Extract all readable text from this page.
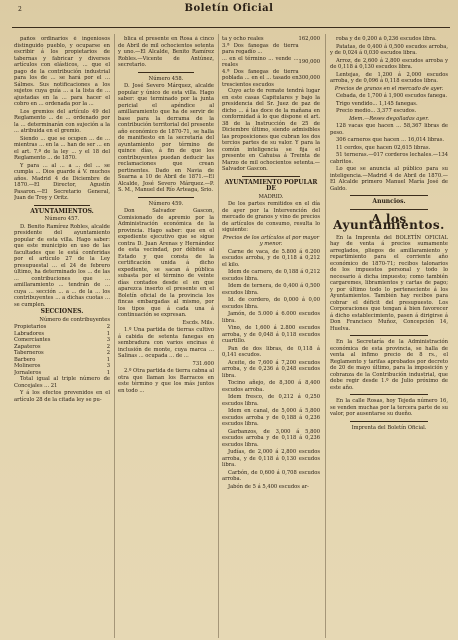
2	Boletín Oficial

paños ordinarios é ingeniosos distinguido pueblo, y ocuparse en escribir á los propietarios de tabernas y fabricar y diversos artículos con elásticos, ... que el pago de la contribución industrial para los de ... se hará por el ... Sálmes. Sus notificaciones a los sujetos cuya guía ... a la lista de ... ajustadas en la ... para hacer el cobro en ... ordenada por la ...

Los gremios del artículo 49 del Reglamento ... de ... ordenado por la ... determinarán con sujeción a la ... atribuida en el gremio.

Siendo ... que se ocupen ... de ... mientras ... en la ... han de ser ... en el art. 7.º de la ley ... y el 18 del Reglamento ... de 1870.

Y para ... al ... a ... del ... se cumpla ... Dios guarde á V. muchos años. Madrid 4 de Diciembre de 1870.—El Director, Agustín Pasaron.—El Secretario General, Juan de Troy y Oritz.

AYUNTAMIENTOS.

Número 457.

D. Benito Ramírez Robles, alcalde presidente del ayuntamiento popular de esta villa. Hago saber: que este municipio en uso de las facultades que le está conferidas por el artículo 27 de la Ley presupuestal ... el 24 de febrero último, ha determinado los ... de las ... contribuciones que ... amillaramiento ... tendrán de ... cuya ... sección ... a ... de la ... los contribuyentes ... a dichas cuotas ... se cumplen.

SECCIONES.

Número de contribuyentes

Propietarios	2
Labradores	1
Comerciantes	3
Zapateros	2
Taberneros	2
Barbero	1
Molineros	3
Jornaleros	1

Total igual al triple número de Concejales ... 21

Y á los efectos prevenidos en el artículo 28 de la citada ley se pu-

blica el presente en Rosa á cinco de Abril de mil ochocientos setenta y uno.—El Alcalde, Benito Ramírez Robles.—Vicente de Antúnez, secretario.

Número 458.

D. José Severo Márquez, alcalde popular y único de esta villa. Hago saber: que terminado por la junta pericial el apéndice al amillaramiento que ha de servir de base para la derrama de la contribución territorial del presente año económico de 1870-71, se halla de manifiesto en la secretaría del ayuntamiento por término de quince días, á fin de que los contribuyentes puedan deducir las reclamaciones que crean pertinentes. Dado en Navia de Suarna a 10 de Abril de 1871.—El Alcalde, José Severo Márquez.—P. S. M., Manuel del Río Arteaga, Srio.

Número 459.

Don Salvador Gascon, Comisionado de apremio por la Administración económica de la provincia. Hago saber: que en el expediente ejecutivo que se sigue contra D. Juan Arenas y Hernández de esta vecindad, por débitos al Estado y que consta de la certificación unida á dicho expediente, se sacan á pública subasta por el término de veinte días contados desde el en que aparezca inserto el presente en el Boletín oficial de la provincia los fincas embargadas al mismo, por los tipos que á cada una á continuación se expresan.

Escds. Mils.

1.º Una partida de tierras cultivo á cabida de setenta fanegas en sembradura con varios encinas é inclusión de monte, cuya marca ... Salinas ... ocupada ... de ...

731.600

2.º Otra partida de tierra cabna al otra que llaman los Barracos en este término y que los más juntos en todo ...

ta y ocho reales	162,000
3.ª Dos fanegas de tierra para regadío ...	
... en el término ... vende ... reales	190,000
4.ª Dos fanegas de tierra poblada ... en el ... tasado en trescientos escudos	300,000

Cuyo acto de remate tendrá lugar en este casas Capitulares y bajo la presidencia del Sr. Juez de paz de dicho ... á las doce de la mañana en conformidad á lo que dispone el art. 38 de la Instrucción de 25 de Diciembre último, siendo admisibles las proposiciones que cubran los dos tercios partes de su valor. Y para la común inteligencia se fija el presente en Cahuisa á Treinta de Marzo de mil ochocientos setenta.—Salvador Gascon.

AYUNTAMIENTO POPULAR DE

MADRID.

De los partes remitidos en el día de ayer por la Intervención del mercado de granos y vino de precios de artículos de consumo, resulta lo siguiente:

Precios de los artículos al por mayor y menor.

Carne de vaca, de 5.800 á 6.200 escudos arroba, y de 0,118 á 0,212 el kilo.

Idem de carnero, de 0,188 á 0,212 escudos libra.

Idem de ternera, de 0,400 á 0,500 escudos libra.

Id. de cordero, de 0,000 á 0,00 escudos libra.

Jamón, de 5.000 á 6.000 escudos libra.

Vino, de 1,600 á 2.800 escudos arroba, y de 0,048 á 0,118 escudos cuartillo.

Pan de dos libras, de 0,118 á 0,141 escudos.

Aceite, de 7,600 á 7,200 escudos arroba, y de 0,236 á 0,248 escudos libra.

Tocino añejo, de 8,300 á 8,400 escudos arroba.

Idem fresco, de 0,212 á 0,250 escudos libra.

Idem en canal, de 5,000 á 5,800 escudos arroba y de 0,188 á 0,236 escudos libra.

Garbanzos, de 3,000 á 5,800 escudos arroba y de 0,118 á 0,236 escudos libra.

Judías, de 2,000 á 2,800 escudos arroba, y de 0,118 á 0,130 escudos libra.

Carbón, de 0,600 á 0,708 escudos arroba.

Jabón de 5 á 5,400 escudos ar-

roba y de 0,200 á 0,236 escudos libra.

Patatas, de 0,400 á 0,500 escudos arroba, y de 0,024 á 0,030 escudos libra.

Arroz, de 2,600 á 2,800 escudos arroba y de 0,118 á 0,130 escudos libra.

Lentejas, de 1,200 á 2,000 escudos arroba, y de 0,096 á 0,118 escudos libra.

Precios de granos en el mercado de ayer.

Cebada, de 1,700 á 1,900 escudos fanega.

Trigo vendido... 1,145 fanegas.

Precio medio... 3,377 escudos.

Idem.—Reses degolladas ayer.

128 vacas que hacen ... 58,367 libras de peso.

306 carneros que hacen ... 16,014 libras.

11 cerdos, que hacen 02,615 libras.

51 terneras.—017 corderos lechales.—134 cabritos.

Lo que se anuncia al público para su inteligencia.—Madrid 4 de Abril de 1870.—El Alcalde primero Manuel María José de Galdo.

Anuncios.

A los Ayuntamientos.

En la Imprenta del BOLETÍN OFICIAL hay de venta á precios sumamente arreglados, pliegos de amillaramiento y repartimiento para el corriente año económico de 1870-71; recibos talonarios de los impuestos personal y todo lo necesario á dicha impuesto; como también cargaremes, libramientos y cartas de pago; y por último todo lo perteneciente á los Ayuntamientos. También hay recibos para cobrar el déficit del presupuesto. Los Corporaciones que tengan á bien favorecer á dicho establecimiento, pasen á dirigirse á Don Francisco Muñoz, Concepción 14, Huelva.

En la Secretaría de la Administración económica de esta provincia, se halla de venta al infimo precio de 8 rs., el Reglamento y tarifas aprobados por decreto de 20 de mayo último, para la imposición y cobranza de la Contribución industrial, que debe regir desde 1.º de Julio próximo de este año.

En la calle Rosas, hoy Tejeda número 16, se venden muchas por la tercera parte de su valor, por ausentarse su dueño.

Imprenta del Boletín Oficial.
